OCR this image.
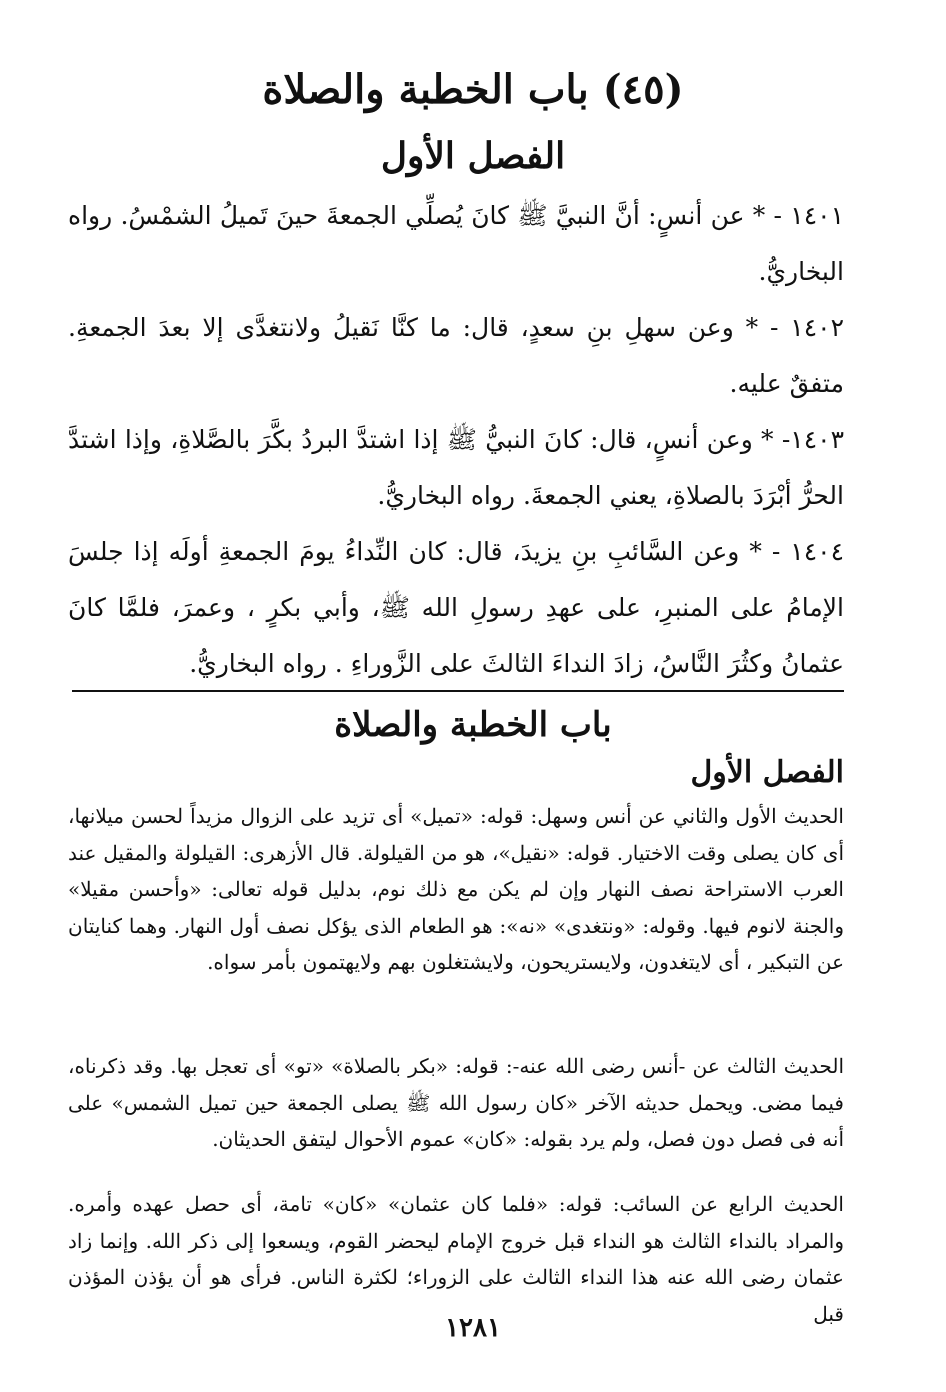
(٤٥) باب الخطبة والصلاة
الفصل الأول
١٤٠١ - * عن أنسٍ: أنَّ النبيَّ ﷺ كانَ يُصلِّي الجمعةَ حينَ تَميلُ الشمْسُ. رواه البخاريُّ.
١٤٠٢ - * وعن سهلِ بنِ سعدٍ، قال: ما كنَّا نَقيلُ ولانتغدَّى إلا بعدَ الجمعةِ. متفقٌ عليه.
١٤٠٣- * وعن أنسٍ، قال: كانَ النبيُّ ﷺ إذا اشتدَّ البردُ بكَّرَ بالصَّلاةِ، وإذا اشتدَّ الحرُّ أبْرَدَ بالصلاةِ، يعني الجمعةَ. رواه البخاريُّ.
١٤٠٤ - * وعن السَّائبِ بنِ يزيدَ، قال: كان النِّداءُ يومَ الجمعةِ أولَه إذا جلسَ الإمامُ على المنبرِ، على عهدِ رسولِ الله ﷺ، وأبي بكرٍ ، وعمرَ، فلمَّا كانَ عثمانُ وكثُرَ النَّاسُ، زادَ النداءَ الثالثَ على الزَّوراءِ . رواه البخاريُّ.
باب الخطبة والصلاة
الفصل الأول
الحديث الأول والثاني عن أنس وسهل: قوله: «تميل» أى تزيد على الزوال مزيداً لحسن ميلانها، أى كان يصلى وقت الاختيار. قوله: «نقيل»، هو من القيلولة. قال الأزهرى: القيلولة والمقيل عند العرب الاستراحة نصف النهار وإن لم يكن مع ذلك نوم، بدليل قوله تعالى: «وأحسن مقيلا» والجنة لانوم فيها. وقوله: «ونتغدى» «نه»: هو الطعام الذى يؤكل نصف أول النهار. وهما كنايتان عن التبكير ، أى لايتغدون، ولايستريحون، ولايشتغلون بهم ولايهتمون بأمر سواه.
الحديث الثالث عن -أنس رضى الله عنه-: قوله: «بكر بالصلاة» «تو» أى تعجل بها. وقد ذكرناه، فيما مضى. ويحمل حديثه الآخر «كان رسول الله ﷺ يصلى الجمعة حين تميل الشمس» على أنه فى فصل دون فصل، ولم يرد بقوله: «كان» عموم الأحوال ليتفق الحديثان.
الحديث الرابع عن السائب: قوله: «فلما كان عثمان» «كان» تامة، أى حصل عهده وأمره. والمراد بالنداء الثالث هو النداء قبل خروج الإمام ليحضر القوم، ويسعوا إلى ذكر الله. وإنما زاد عثمان رضى الله عنه هذا النداء الثالث على الزوراء؛ لكثرة الناس. فرأى هو أن يؤذن المؤذن قبل
١٢٨١
